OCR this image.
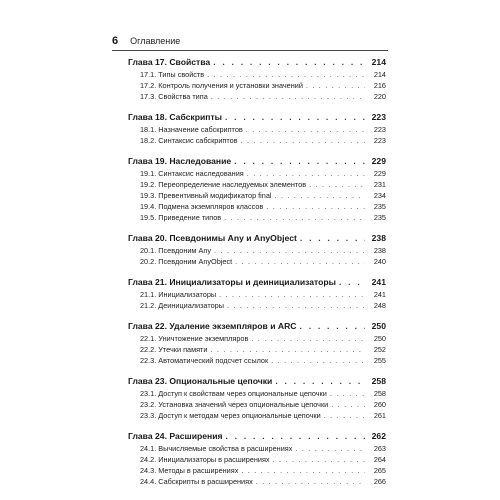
6 Оглавление
Глава 17. Свойства . . .	214
17.1. Типы свойств . . .	214
17.2. Контроль получения и установки значений . . .	216
17.3. Свойства типа . . .	220
Глава 18. Сабскрипты . . .	223
18.1. Назначение сабскриптов . . .	223
18.2. Синтаксис сабскриптов . . .	223
Глава 19. Наследование . . .	229
19.1. Синтаксис наследования . . .	229
19.2. Переопределение наследуемых элементов . . .	231
19.3. Превентивный модификатор final . . .	234
19.4. Подмена экземпляров классов . . .	235
19.5. Приведение типов . . .	235
Глава 20. Псевдонимы Any и AnyObject . . .	238
20.1. Псевдоним Any . . .	238
20.2. Псевдоним AnyObject . . .	240
Глава 21. Инициализаторы и деинициализаторы . . .	241
21.1. Инициализаторы . . .	241
21.2. Деинициализаторы . . .	248
Глава 22. Удаление экземпляров и ARC . . .	250
22.1. Уничтожение экземпляров . . .	250
22.2. Утечки памяти . . .	252
22.3. Автоматический подсчет ссылок . . .	255
Глава 23. Опциональные цепочки . . .	258
23.1. Доступ к свойствам через опциональные цепочки . . .	258
23.2. Установка значений через опциональные цепочки . . .	260
23.3. Доступ к методам через опциональные цепочки . . .	261
Глава 24. Расширения . . .	262
24.1. Вычисляемые свойства в расширениях . . .	263
24.2. Инициализаторы в расширениях . . .	264
24.3. Методы в расширениях . . .	265
24.4. Сабскрипты в расширениях . . .	266
